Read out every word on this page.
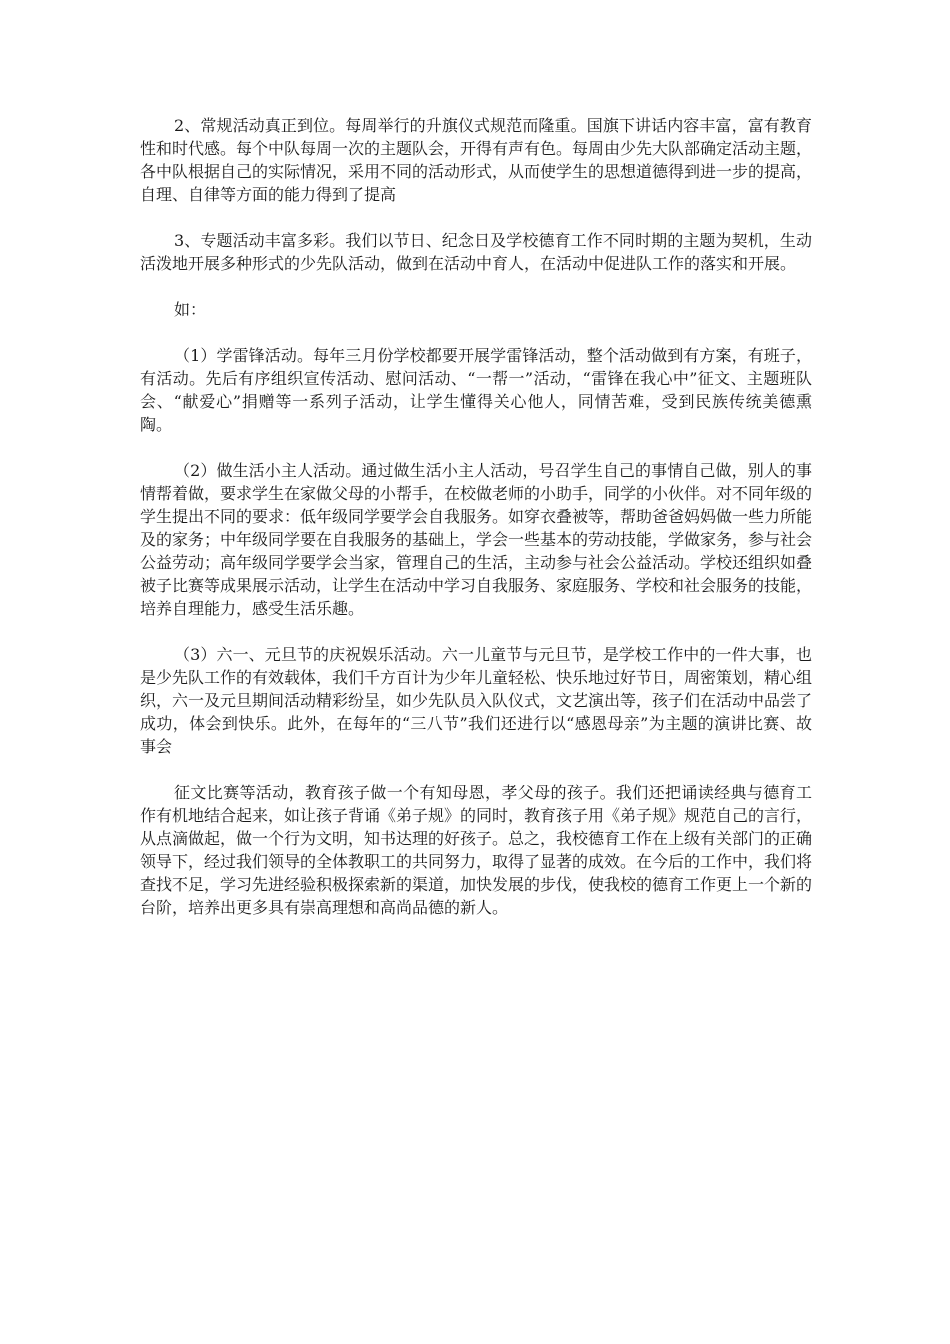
2、常规活动真正到位。每周举行的升旗仪式规范而隆重。国旗下讲话内容丰富，富有教育性和时代感。每个中队每周一次的主题队会，开得有声有色。每周由少先大队部确定活动主题，各中队根据自己的实际情况，采用不同的活动形式，从而使学生的思想道德得到进一步的提高，自理、自律等方面的能力得到了提高

3、专题活动丰富多彩。我们以节日、纪念日及学校德育工作不同时期的主题为契机，生动活泼地开展多种形式的少先队活动，做到在活动中育人，在活动中促进队工作的落实和开展。

如：

（1）学雷锋活动。每年三月份学校都要开展学雷锋活动，整个活动做到有方案，有班子，有活动。先后有序组织宣传活动、慰问活动、“一帮一”活动，“雷锋在我心中”征文、主题班队会、“献爱心”捐赠等一系列子活动，让学生懂得关心他人，同情苦难，受到民族传统美德熏陶。

（2）做生活小主人活动。通过做生活小主人活动，号召学生自己的事情自己做，别人的事情帮着做，要求学生在家做父母的小帮手，在校做老师的小助手，同学的小伙伴。对不同年级的学生提出不同的要求：低年级同学要学会自我服务。如穿衣叠被等，帮助爸爸妈妈做一些力所能及的家务；中年级同学要在自我服务的基础上，学会一些基本的劳动技能，学做家务，参与社会公益劳动；高年级同学要学会当家，管理自己的生活，主动参与社会公益活动。学校还组织如叠被子比赛等成果展示活动，让学生在活动中学习自我服务、家庭服务、学校和社会服务的技能，培养自理能力，感受生活乐趣。

（3）六一、元旦节的庆祝娱乐活动。六一儿童节与元旦节，是学校工作中的一件大事，也是少先队工作的有效载体，我们千方百计为少年儿童轻松、快乐地过好节日，周密策划，精心组织，六一及元旦期间活动精彩纷呈，如少先队员入队仪式，文艺演出等，孩子们在活动中品尝了成功，体会到快乐。此外，在每年的“三八节”我们还进行以“感恩母亲”为主题的演讲比赛、故事会

征文比赛等活动，教育孩子做一个有知母恩，孝父母的孩子。我们还把诵读经典与德育工作有机地结合起来，如让孩子背诵《弟子规》的同时，教育孩子用《弟子规》规范自己的言行，从点滴做起，做一个行为文明，知书达理的好孩子。总之，我校德育工作在上级有关部门的正确领导下，经过我们领导的全体教职工的共同努力，取得了显著的成效。在今后的工作中，我们将查找不足，学习先进经验积极探索新的渠道，加快发展的步伐，使我校的德育工作更上一个新的台阶，培养出更多具有崇高理想和高尚品德的新人。
